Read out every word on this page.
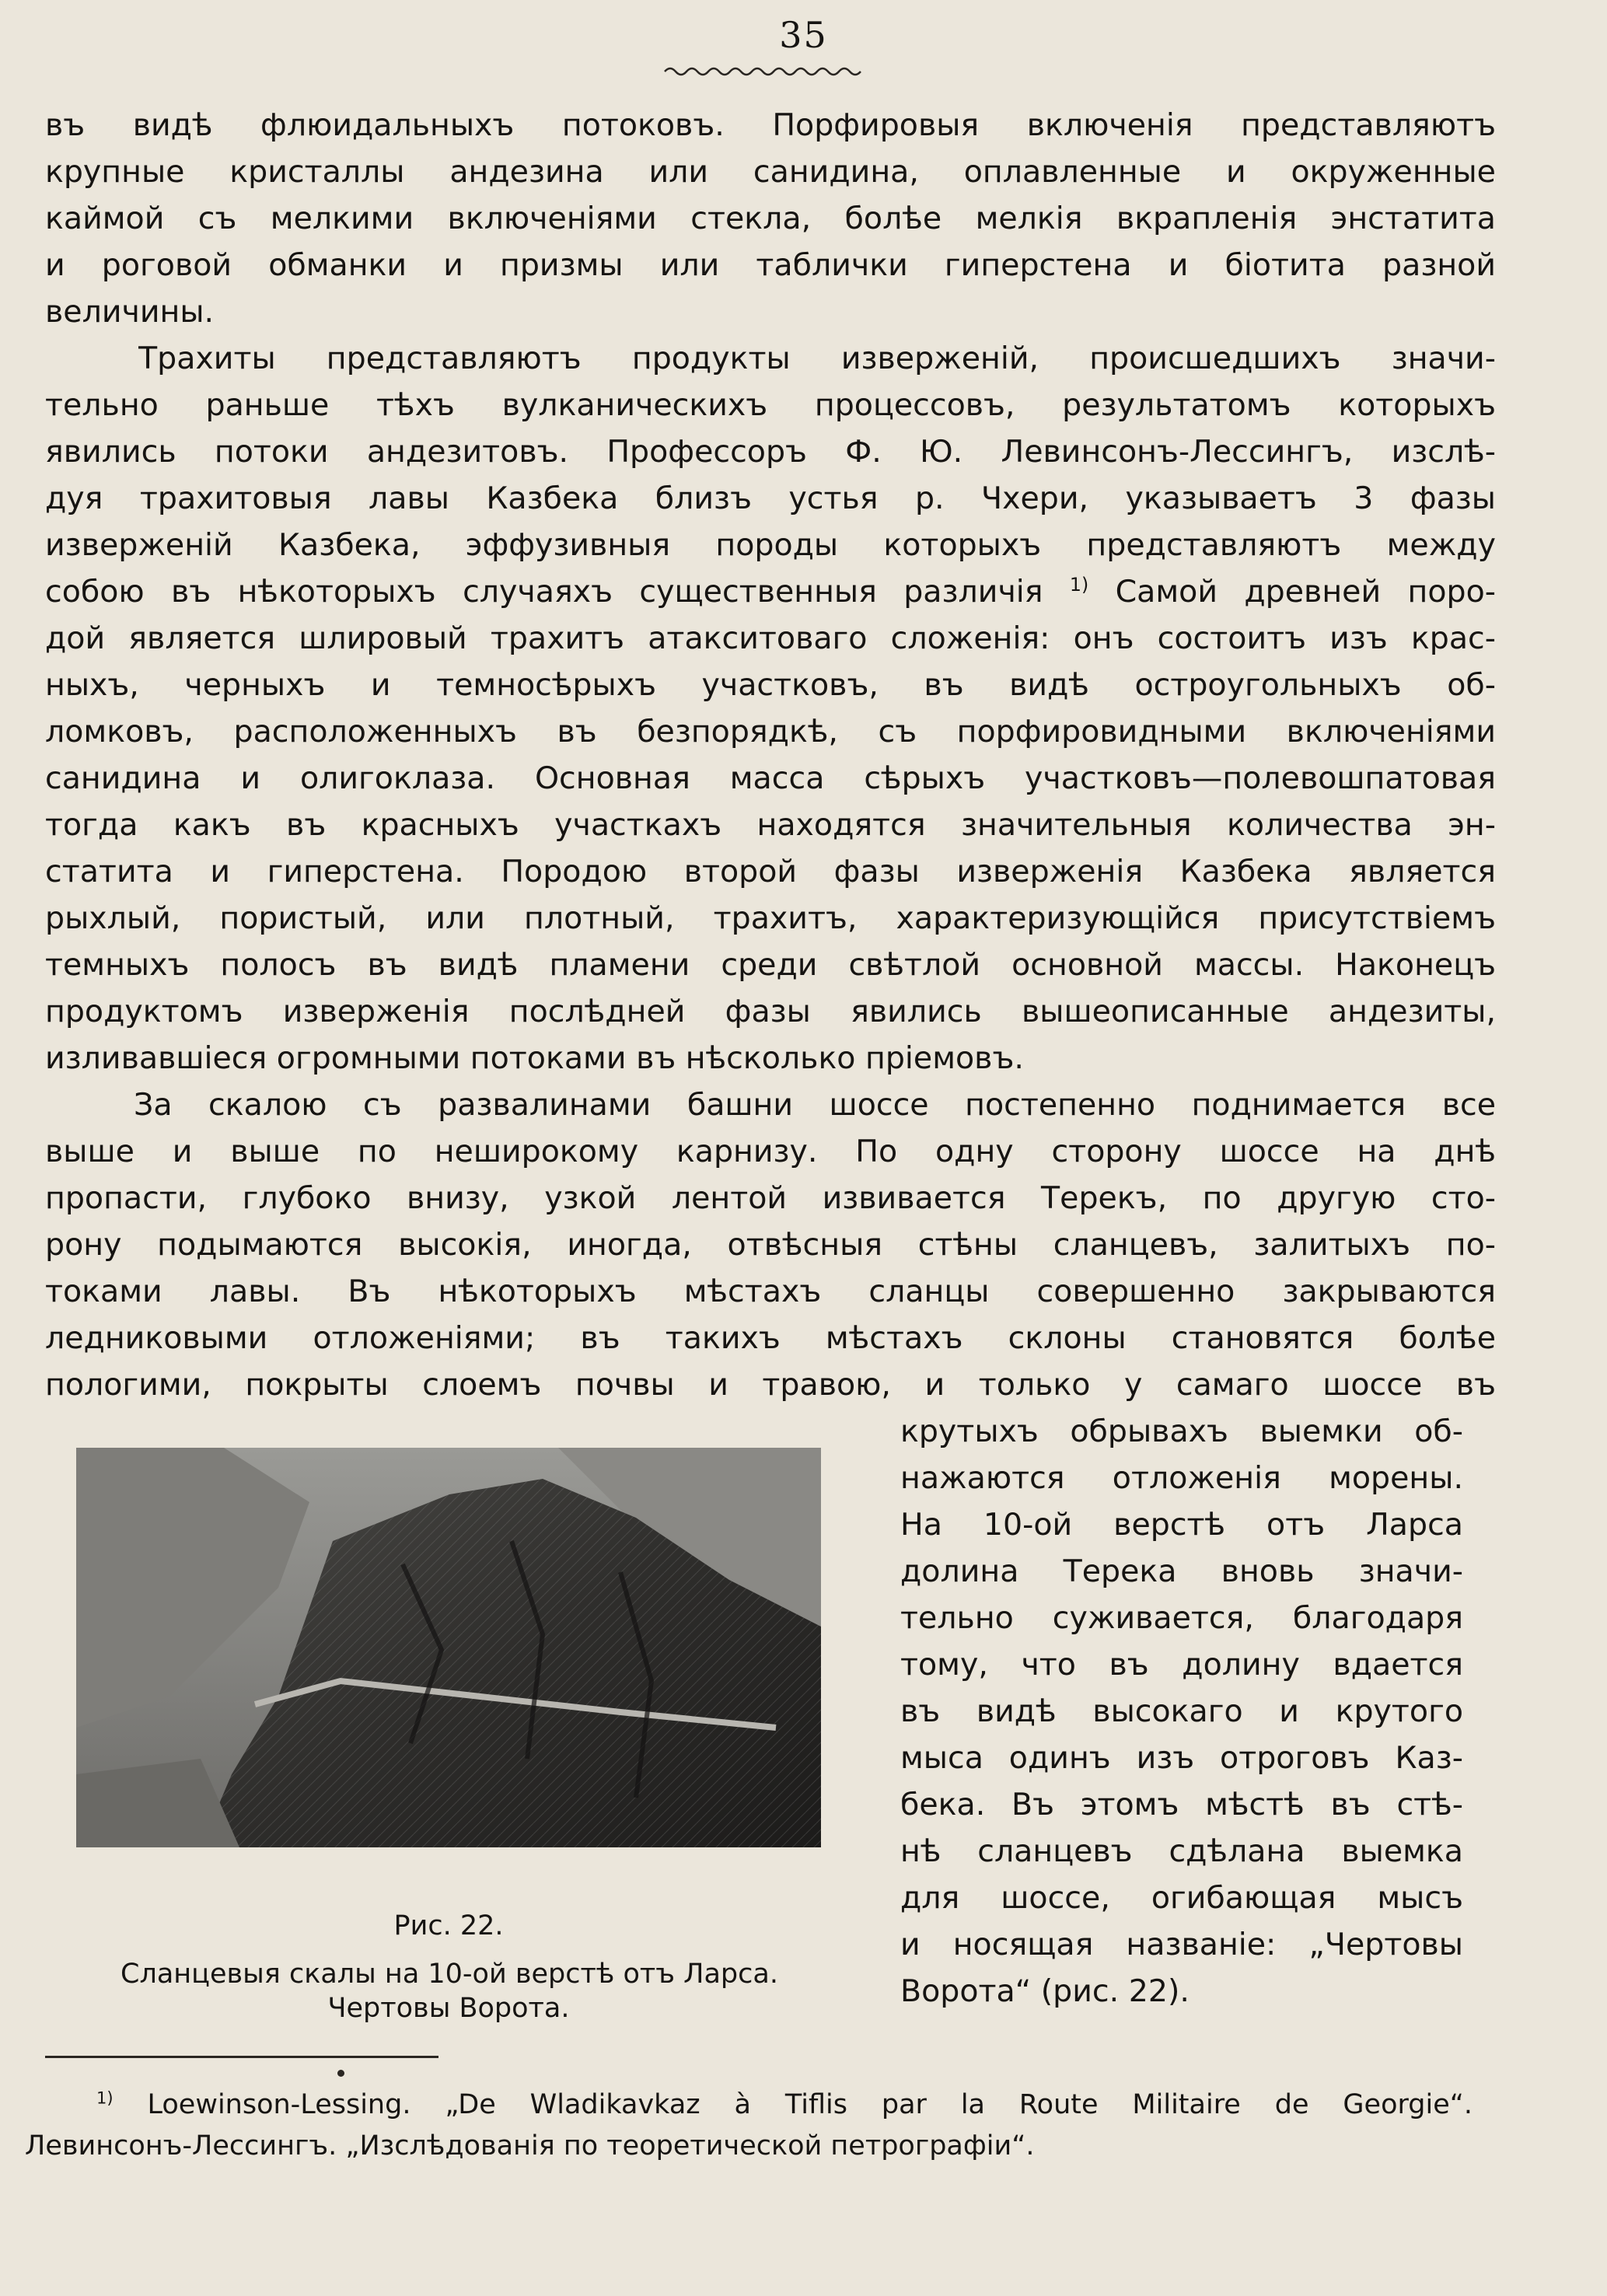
35
въ видѣ флюидальныхъ потоковъ. Порфировыя включенія представляютъ
крупные кристаллы андезина или санидина, оплавленные и окруженные
каймой съ мелкими включеніями стекла, болѣе мелкія вкрапленія энстатита
и роговой обманки и призмы или таблички гиперстена и біотита разной
величины.
Трахиты представляютъ продукты изверженій, происшедшихъ значи-
тельно раньше тѣхъ вулканическихъ процессовъ, результатомъ которыхъ
явились потоки андезитовъ. Профессоръ Ф. Ю. Левинсонъ-Лессингъ, изслѣ-
дуя трахитовыя лавы Казбека близъ устья р. Чхери, указываетъ 3 фазы
изверженій Казбека, эффузивныя породы которыхъ представляютъ между
собою въ нѣкоторыхъ случаяхъ существенныя различія $^{1)}$ Самой древней поро-
дой является шлировый трахитъ атакситоваго сложенія: онъ состоитъ изъ крас-
ныхъ, черныхъ и темносѣрыхъ участковъ, въ видѣ остроугольныхъ об-
ломковъ, расположенныхъ въ безпорядкѣ, съ порфировидными включеніями
санидина и олигоклаза. Основная масса сѣрыхъ участковъ—полевошпатовая
тогда какъ въ красныхъ участкахъ находятся значительныя количества эн-
статита и гиперстена. Породою второй фазы изверженія Казбека является
рыхлый, пористый, или плотный, трахитъ, характеризующійся присутствіемъ
темныхъ полосъ въ видѣ пламени среди свѣтлой основной массы. Наконецъ
продуктомъ изверженія послѣдней фазы явились вышеописанные андезиты,
изливавшіеся огромными потоками въ нѣсколько пріемовъ.
За скалою съ развалинами башни шоссе постепенно поднимается все
выше и выше по неширокому карнизу. По одну сторону шоссе на днѣ
пропасти, глубоко внизу, узкой лентой извивается Терекъ, по другую сто-
рону подымаются высокія, иногда, отвѣсныя стѣны сланцевъ, залитыхъ по-
токами лавы. Въ нѣкоторыхъ мѣстахъ сланцы совершенно закрываются
ледниковыми отложеніями; въ такихъ мѣстахъ склоны становятся болѣе
пологими, покрыты слоемъ почвы и травою, и только у самаго шоссе въ
крутыхъ обрывахъ выемки об-
нажаются отложенія морены.
На 10-ой верстѣ отъ Ларса
долина Терека вновь значи-
тельно суживается, благодаря
тому, что въ долину вдается
въ видѣ высокаго и крутого
мыса одинъ изъ отроговъ Каз-
бека. Въ этомъ мѣстѣ въ стѣ-
нѣ сланцевъ сдѣлана выемка
для шоссе, огибающая мысъ
и носящая названіе: „Чертовы
Ворота“ (рис. 22).
Рис. 22.
Сланцевыя скалы на 10-ой верстѣ отъ Ларса.
Чертовы Ворота.
$^{1)}$ Loewinson-Lessing. „De Wladikavkaz à Tiflis par la Route Militaire de Georgie“.
Левинсонъ-Лессингъ. „Изслѣдованія по теоретической петрографіи“.
